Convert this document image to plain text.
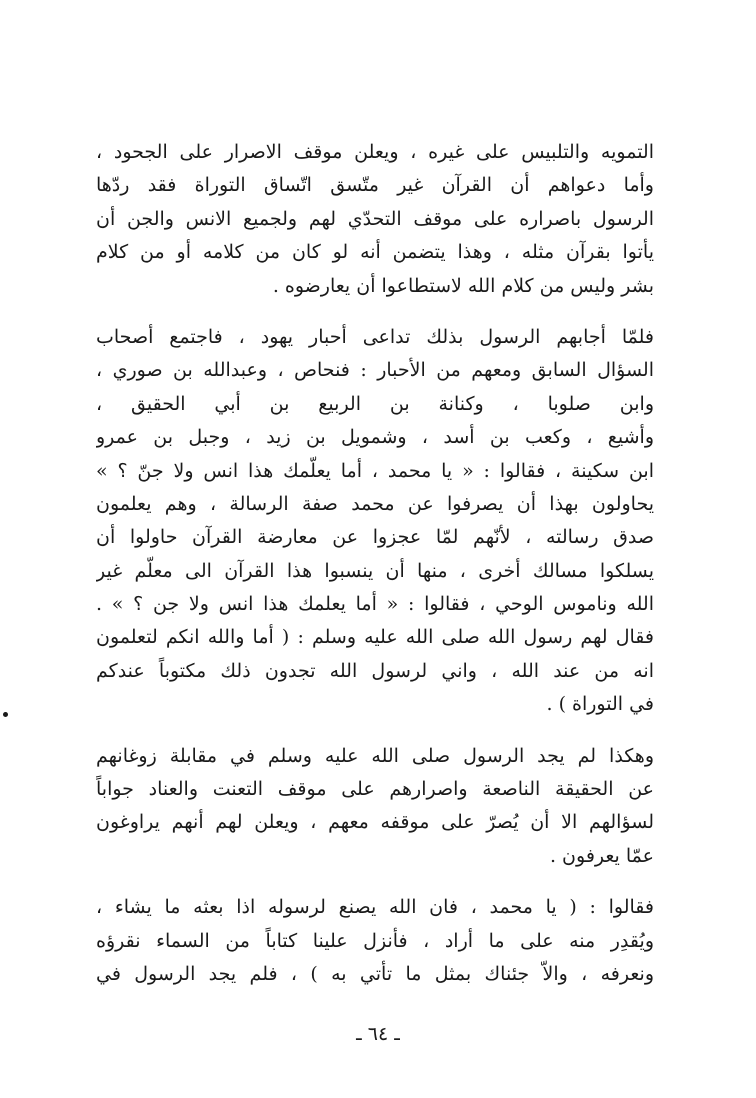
التمويه والتلبيس على غيره ، ويعلن موقف الاصرار على الجحود ،
وأما دعواهم أن القرآن غير متّسق اتّساق التوراة فقد ردّها
الرسول باصراره على موقف التحدّي لهم ولجميع الانس والجن أن
يأتوا بقرآن مثله ، وهذا يتضمن أنه لو كان من كلامه أو من كلام
بشر وليس من كلام الله لاستطاعوا أن يعارضوه .
فلمّا أجابهم الرسول بذلك تداعى أحبار يهود ، فاجتمع أصحاب
السؤال السابق ومعهم من الأحبار : فنحاص ، وعبدالله بن صوري ،
وابن صلوبا ، وكنانة بن الربيع بن أبي الحقيق ،
وأشيع ، وكعب بن أسد ، وشمويل بن زيد ، وجبل بن عمرو
ابن سكينة ، فقالوا : « يا محمد ، أما يعلّمك هذا انس ولا جنّ ؟ »
يحاولون بهذا أن يصرفوا عن محمد صفة الرسالة ، وهم يعلمون
صدق رسالته ، لأنّهم لمّا عجزوا عن معارضة القرآن حاولوا أن
يسلكوا مسالك أخرى ، منها أن ينسبوا هذا القرآن الى معلّم غير
الله وناموس الوحي ، فقالوا : « أما يعلمك هذا انس ولا جن ؟ » .
فقال لهم رسول الله صلى الله عليه وسلم : ( أما والله انكم لتعلمون
انه من عند الله ، واني لرسول الله تجدون ذلك مكتوباً عندكم
في التوراة ) .
وهكذا لم يجد الرسول صلى الله عليه وسلم في مقابلة زوغانهم
عن الحقيقة الناصعة واصرارهم على موقف التعنت والعناد جواباً
لسؤالهم الا أن يُصرّ على موقفه معهم ، ويعلن لهم أنهم يراوغون
عمّا يعرفون .
فقالوا : ( يا محمد ، فان الله يصنع لرسوله اذا بعثه ما يشاء ،
ويُقدِر منه على ما أراد ، فأنزل علينا كتاباً من السماء نقرؤه
ونعرفه ، والاّ جئناك بمثل ما تأتي به ) ، فلم يجد الرسول في
ـ ٦٤ ـ
